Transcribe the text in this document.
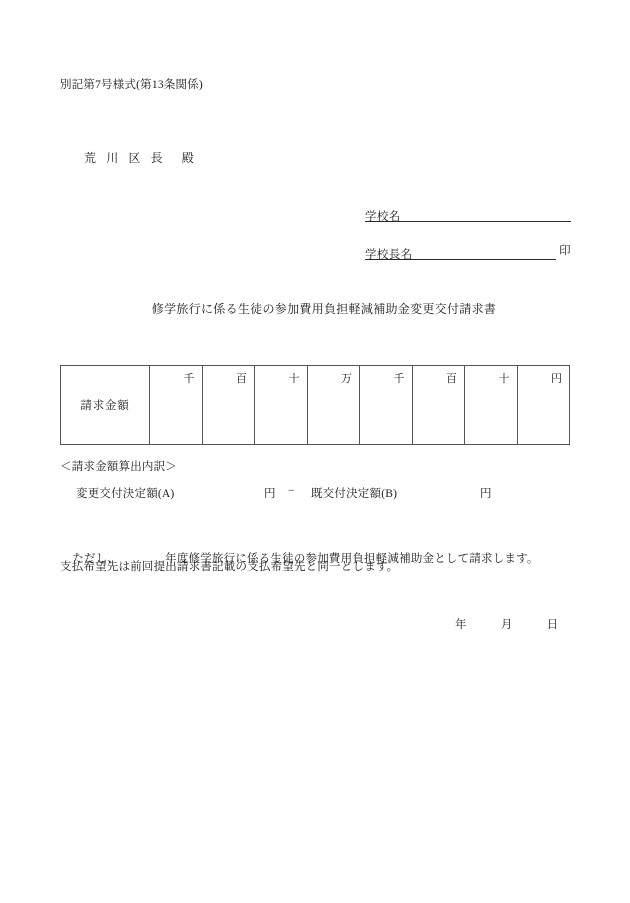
別記第7号様式(第13条関係)
荒 川 区 長　殿
学校名
学校長名	印
修学旅行に係る生徒の参加費用負担軽減補助金変更交付請求書
請求金額	千	百	十	万	千	百	十	円
＜請求金額算出内訳＞
変更交付決定額(A)	円 − 既交付決定額(B)	円

ただし、	年度修学旅行に係る生徒の参加費用負担軽減補助金として請求します。

支払希望先は前回提出請求書記載の支払希望先と同一とします。
年	月	日
